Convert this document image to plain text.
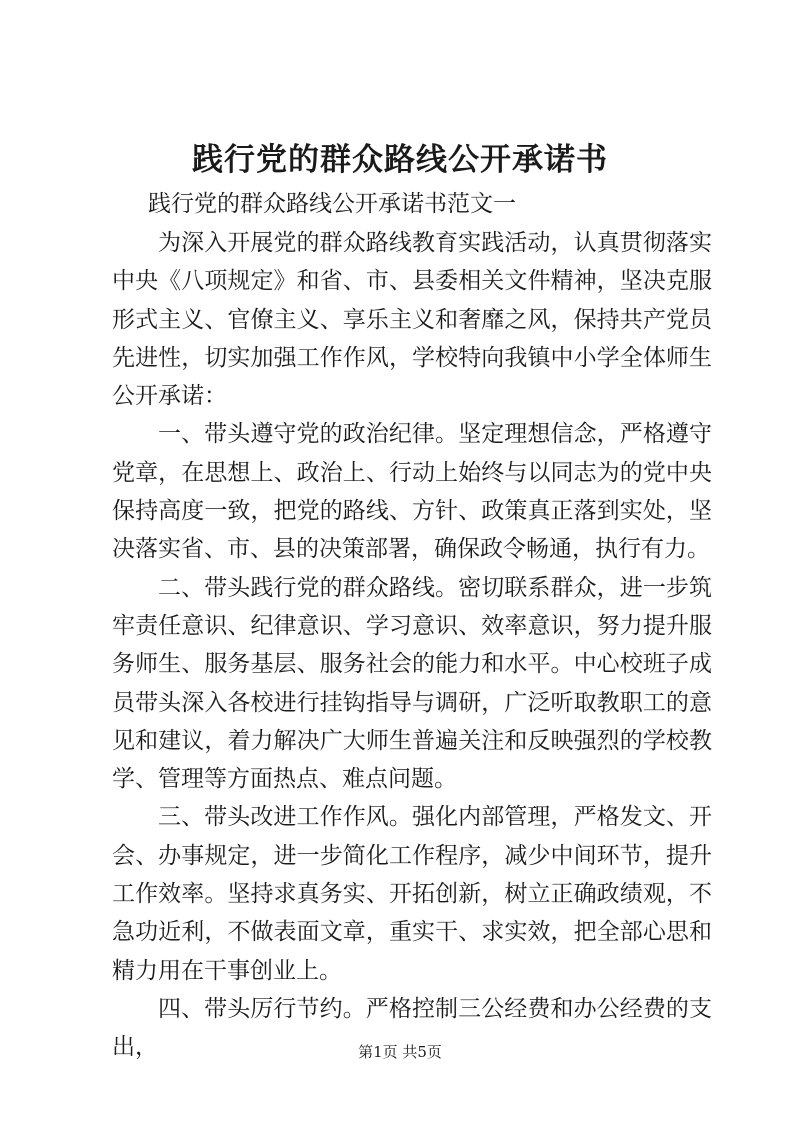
践行党的群众路线公开承诺书

践行党的群众路线公开承诺书范文一

为深入开展党的群众路线教育实践活动，认真贯彻落实中央《八项规定》和省、市、县委相关文件精神，坚决克服形式主义、官僚主义、享乐主义和奢靡之风，保持共产党员先进性，切实加强工作作风，学校特向我镇中小学全体师生公开承诺：

一、带头遵守党的政治纪律。坚定理想信念，严格遵守党章，在思想上、政治上、行动上始终与以同志为的党中央保持高度一致，把党的路线、方针、政策真正落到实处，坚决落实省、市、县的决策部署，确保政令畅通，执行有力。

二、带头践行党的群众路线。密切联系群众，进一步筑牢责任意识、纪律意识、学习意识、效率意识，努力提升服务师生、服务基层、服务社会的能力和水平。中心校班子成员带头深入各校进行挂钩指导与调研，广泛听取教职工的意见和建议，着力解决广大师生普遍关注和反映强烈的学校教学、管理等方面热点、难点问题。

三、带头改进工作作风。强化内部管理，严格发文、开会、办事规定，进一步简化工作程序，减少中间环节，提升工作效率。坚持求真务实、开拓创新，树立正确政绩观，不急功近利，不做表面文章，重实干、求实效，把全部心思和精力用在干事创业上。

四、带头厉行节约。严格控制三公经费和办公经费的支出，	第1页 共5页
